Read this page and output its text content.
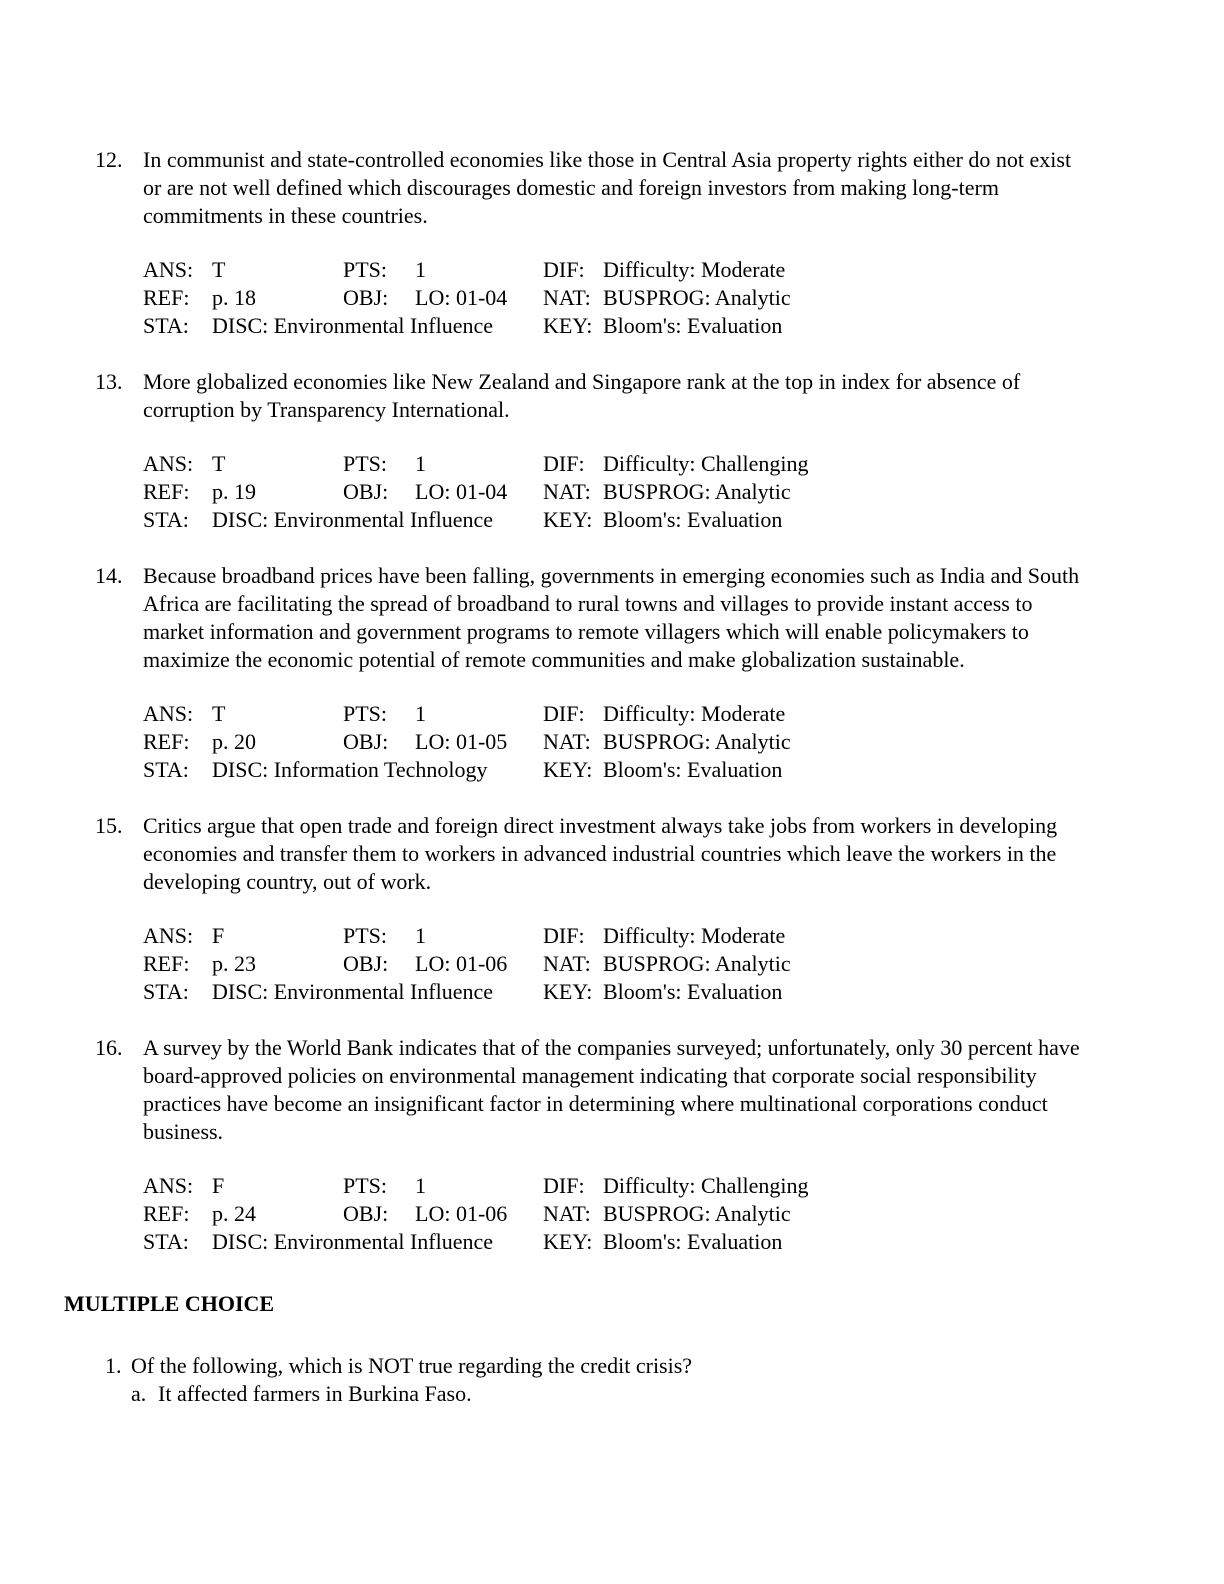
12. In communist and state-controlled economies like those in Central Asia property rights either do not exist or are not well defined which discourages domestic and foreign investors from making long-term commitments in these countries.

ANS: T	PTS: 1	DIF: Difficulty: Moderate
REF: p. 18	OBJ: LO: 01-04 NAT: BUSPROG: Analytic
STA: DISC: Environmental Influence KEY: Bloom's: Evaluation
13. More globalized economies like New Zealand and Singapore rank at the top in index for absence of corruption by Transparency International.

ANS: T	PTS: 1	DIF: Difficulty: Challenging
REF: p. 19	OBJ: LO: 01-04 NAT: BUSPROG: Analytic
STA: DISC: Environmental Influence KEY: Bloom's: Evaluation
14. Because broadband prices have been falling, governments in emerging economies such as India and South Africa are facilitating the spread of broadband to rural towns and villages to provide instant access to market information and government programs to remote villagers which will enable policymakers to maximize the economic potential of remote communities and make globalization sustainable.

ANS: T	PTS: 1	DIF: Difficulty: Moderate
REF: p. 20	OBJ: LO: 01-05 NAT: BUSPROG: Analytic
STA: DISC: Information Technology	KEY: Bloom's: Evaluation
15. Critics argue that open trade and foreign direct investment always take jobs from workers in developing economies and transfer them to workers in advanced industrial countries which leave the workers in the developing country, out of work.

ANS: F	PTS: 1	DIF: Difficulty: Moderate
REF: p. 23	OBJ: LO: 01-06 NAT: BUSPROG: Analytic
STA: DISC: Environmental Influence KEY: Bloom's: Evaluation
16. A survey by the World Bank indicates that of the companies surveyed; unfortunately, only 30 percent have board-approved policies on environmental management indicating that corporate social responsibility practices have become an insignificant factor in determining where multinational corporations conduct business.

ANS: F	PTS: 1	DIF: Difficulty: Challenging
REF: p. 24	OBJ: LO: 01-06 NAT: BUSPROG: Analytic
STA: DISC: Environmental Influence KEY: Bloom's: Evaluation
MULTIPLE CHOICE
1. Of the following, which is NOT true regarding the credit crisis?

a. It affected farmers in Burkina Faso.
